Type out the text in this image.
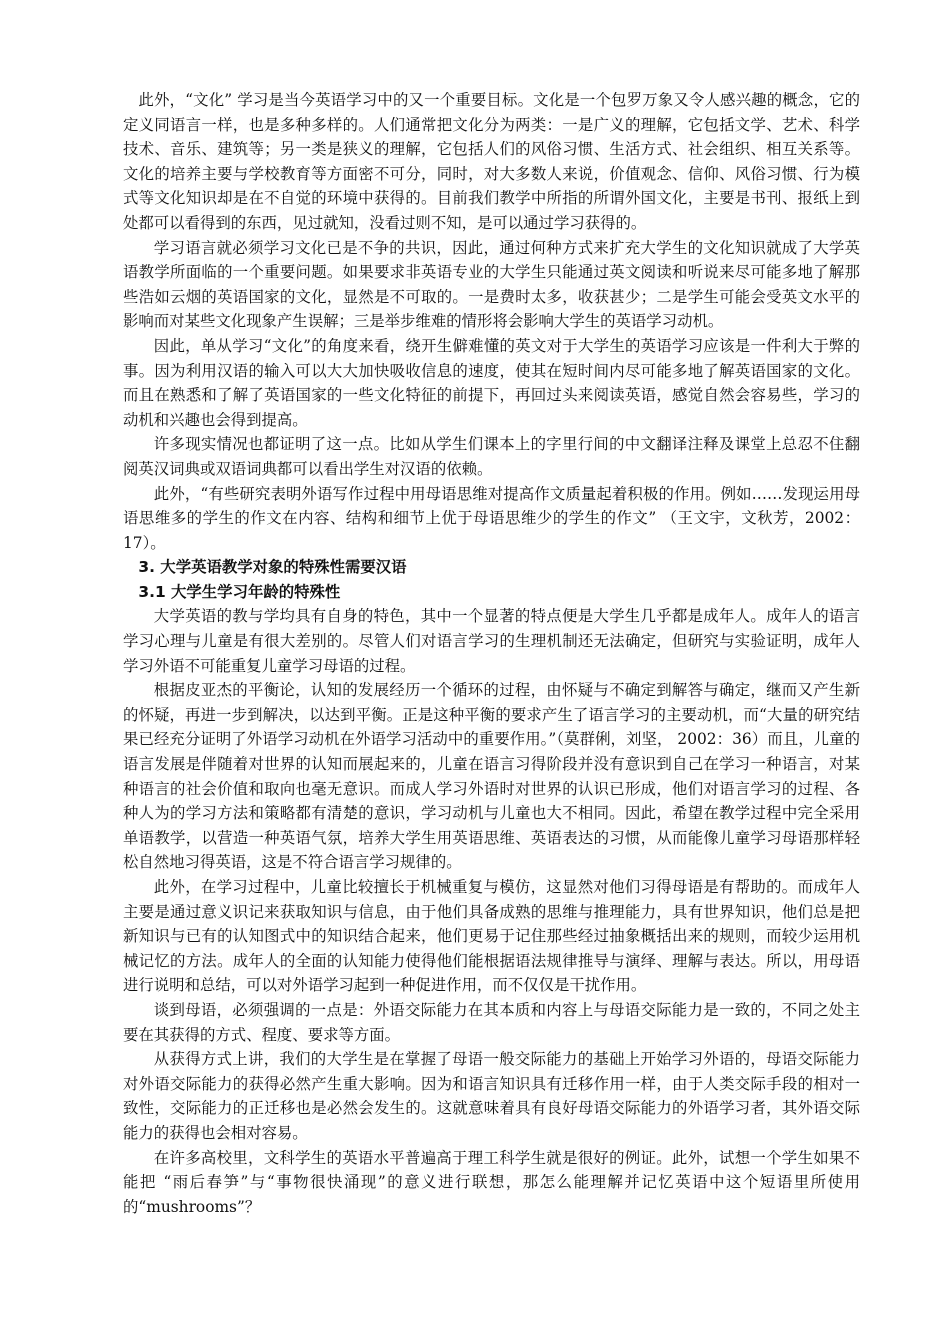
此外，“文化” 学习是当今英语学习中的又一个重要目标。文化是一个包罗万象又令人感兴趣的概念，它的定义同语言一样，也是多种多样的。人们通常把文化分为两类：一是广义的理解，它包括文学、艺术、科学技术、音乐、建筑等；另一类是狭义的理解，它包括人们的风俗习惯、生活方式、社会组织、相互关系等。文化的培养主要与学校教育等方面密不可分，同时，对大多数人来说，价值观念、信仰、风俗习惯、行为模式等文化知识却是在不自觉的环境中获得的。目前我们教学中所指的所谓外国文化，主要是书刊、报纸上到处都可以看得到的东西，见过就知，没看过则不知，是可以通过学习获得的。

学习语言就必须学习文化已是不争的共识，因此，通过何种方式来扩充大学生的文化知识就成了大学英语教学所面临的一个重要问题。如果要求非英语专业的大学生只能通过英文阅读和听说来尽可能多地了解那些浩如云烟的英语国家的文化，显然是不可取的。一是费时太多，收获甚少；二是学生可能会受英文水平的影响而对某些文化现象产生误解；三是举步维难的情形将会影响大学生的英语学习动机。

因此，单从学习“文化”的角度来看，绕开生僻难懂的英文对于大学生的英语学习应该是一件利大于弊的事。因为利用汉语的输入可以大大加快吸收信息的速度，使其在短时间内尽可能多地了解英语国家的文化。而且在熟悉和了解了英语国家的一些文化特征的前提下，再回过头来阅读英语，感觉自然会容易些，学习的动机和兴趣也会得到提高。

许多现实情况也都证明了这一点。比如从学生们课本上的字里行间的中文翻译注释及课堂上总忍不住翻阅英汉词典或双语词典都可以看出学生对汉语的依赖。

此外，“有些研究表明外语写作过程中用母语思维对提高作文质量起着积极的作用。例如……发现运用母语思维多的学生的作文在内容、结构和细节上优于母语思维少的学生的作文” （王文宇，文秋芳，2002：17）。

3. 大学英语教学对象的特殊性需要汉语
3.1 大学生学习年龄的特殊性

大学英语的教与学均具有自身的特色，其中一个显著的特点便是大学生几乎都是成年人。成年人的语言学习心理与儿童是有很大差别的。尽管人们对语言学习的生理机制还无法确定，但研究与实验证明，成年人学习外语不可能重复儿童学习母语的过程。

根据皮亚杰的平衡论，认知的发展经历一个循环的过程，由怀疑与不确定到解答与确定，继而又产生新的怀疑，再进一步到解决，以达到平衡。正是这种平衡的要求产生了语言学习的主要动机，而“大量的研究结果已经充分证明了外语学习动机在外语学习活动中的重要作用。”（莫群俐，刘坚， 2002：36）而且，儿童的语言发展是伴随着对世界的认知而展起来的，儿童在语言习得阶段并没有意识到自己在学习一种语言，对某种语言的社会价值和取向也毫无意识。而成人学习外语时对世界的认识已形成，他们对语言学习的过程、各种人为的学习方法和策略都有清楚的意识，学习动机与儿童也大不相同。因此，希望在教学过程中完全采用单语教学，以营造一种英语气氛，培养大学生用英语思维、英语表达的习惯，从而能像儿童学习母语那样轻松自然地习得英语，这是不符合语言学习规律的。

此外，在学习过程中，儿童比较擅长于机械重复与模仿，这显然对他们习得母语是有帮助的。而成年人主要是通过意义识记来获取知识与信息，由于他们具备成熟的思维与推理能力，具有世界知识，他们总是把新知识与已有的认知图式中的知识结合起来，他们更易于记住那些经过抽象概括出来的规则，而较少运用机械记忆的方法。成年人的全面的认知能力使得他们能根据语法规律推导与演绎、理解与表达。所以，用母语进行说明和总结，可以对外语学习起到一种促进作用，而不仅仅是干扰作用。

谈到母语，必须强调的一点是：外语交际能力在其本质和内容上与母语交际能力是一致的，不同之处主要在其获得的方式、程度、要求等方面。

从获得方式上讲，我们的大学生是在掌握了母语一般交际能力的基础上开始学习外语的，母语交际能力对外语交际能力的获得必然产生重大影响。因为和语言知识具有迁移作用一样，由于人类交际手段的相对一致性，交际能力的正迁移也是必然会发生的。这就意味着具有良好母语交际能力的外语学习者，其外语交际能力的获得也会相对容易。

在许多高校里，文科学生的英语水平普遍高于理工科学生就是很好的例证。此外，试想一个学生如果不能把 “雨后春笋”与“事物很快涌现”的意义进行联想，那怎么能理解并记忆英语中这个短语里所使用的“mushrooms”？
